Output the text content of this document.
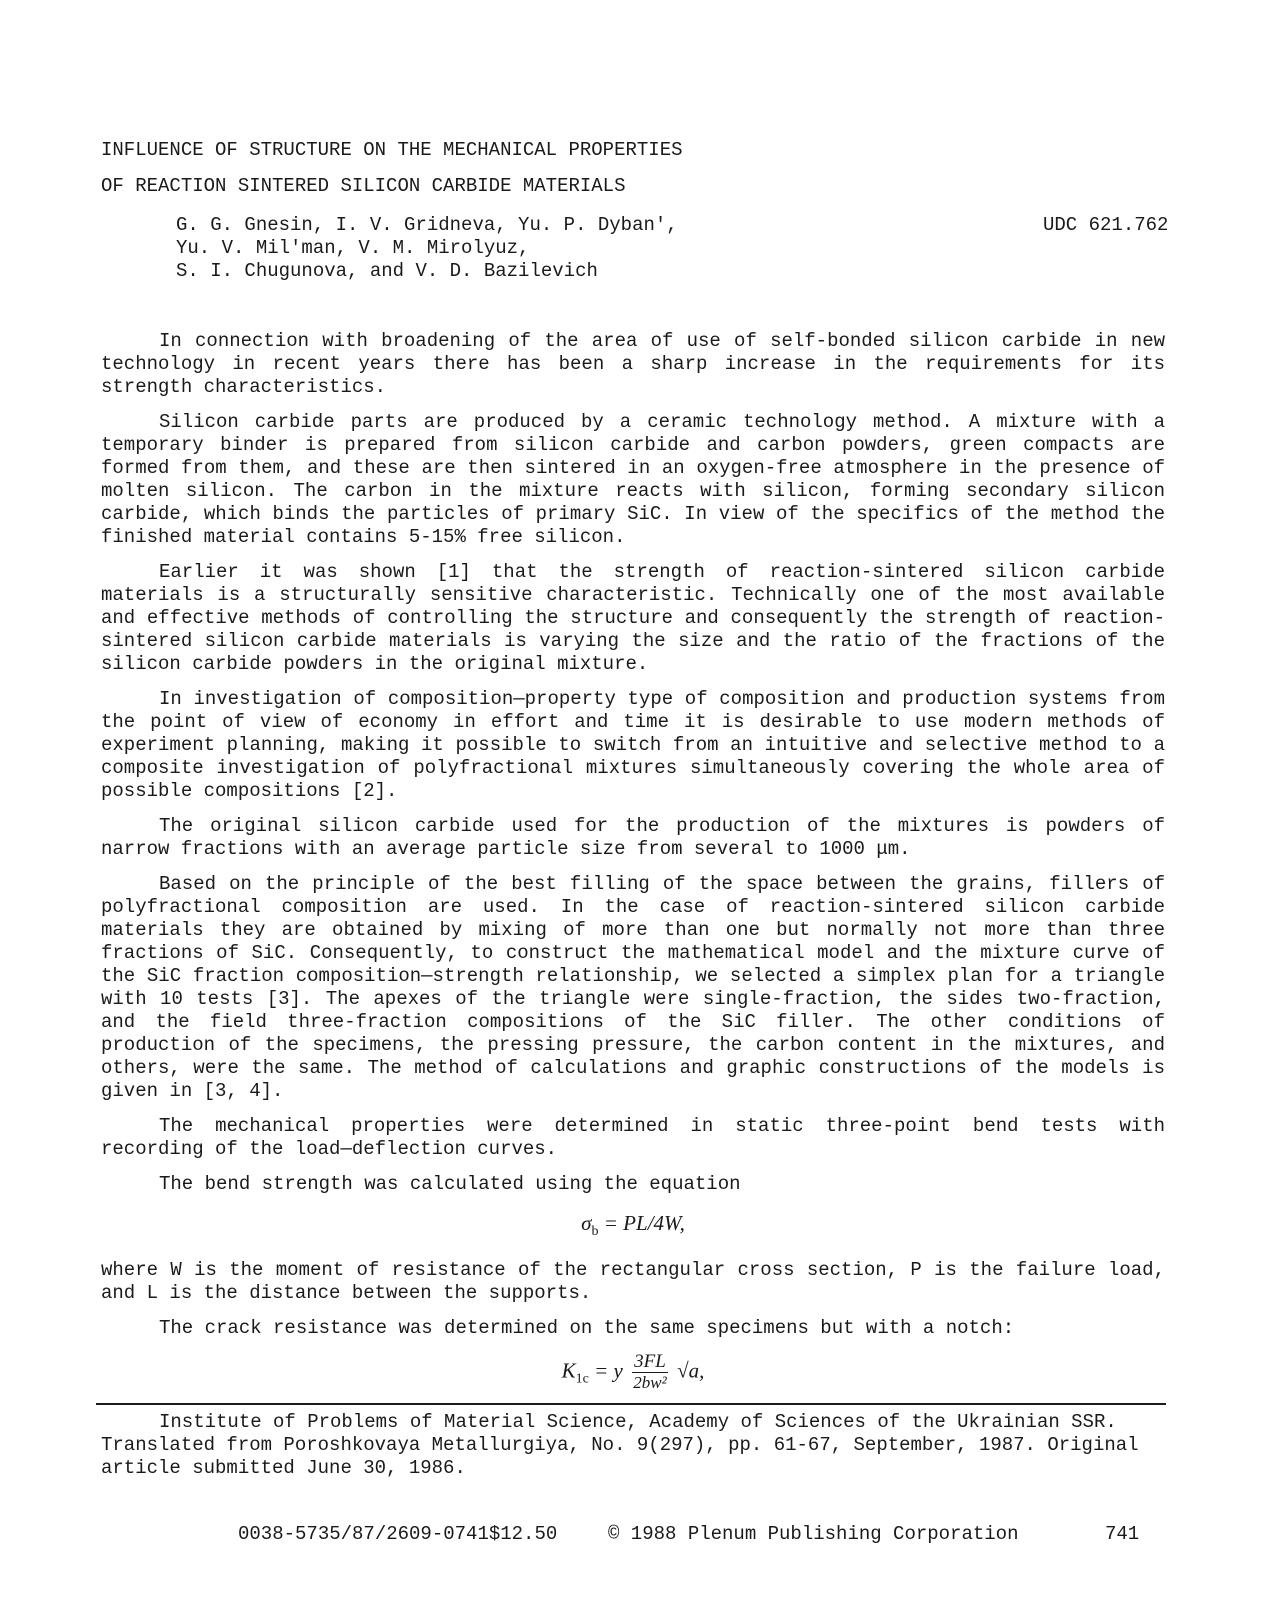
INFLUENCE OF STRUCTURE ON THE MECHANICAL PROPERTIES
OF REACTION SINTERED SILICON CARBIDE MATERIALS
G. G. Gnesin, I. V. Gridneva, Yu. P. Dyban',
Yu. V. Mil'man, V. M. Mirolyuz,
S. I. Chugunova, and V. D. Bazilevich
UDC 621.762

In connection with broadening of the area of use of self-bonded silicon carbide in new technology in recent years there has been a sharp increase in the requirements for its strength characteristics.

Silicon carbide parts are produced by a ceramic technology method. A mixture with a temporary binder is prepared from silicon carbide and carbon powders, green compacts are formed from them, and these are then sintered in an oxygen-free atmosphere in the presence of molten silicon. The carbon in the mixture reacts with silicon, forming secondary silicon carbide, which binds the particles of primary SiC. In view of the specifics of the method the finished material contains 5-15% free silicon.

Earlier it was shown [1] that the strength of reaction-sintered silicon carbide materials is a structurally sensitive characteristic. Technically one of the most available and effective methods of controlling the structure and consequently the strength of reaction-sintered silicon carbide materials is varying the size and the ratio of the fractions of the silicon carbide powders in the original mixture.

In investigation of composition—property type of composition and production systems from the point of view of economy in effort and time it is desirable to use modern methods of experiment planning, making it possible to switch from an intuitive and selective method to a composite investigation of polyfractional mixtures simultaneously covering the whole area of possible compositions [2].

The original silicon carbide used for the production of the mixtures is powders of narrow fractions with an average particle size from several to 1000 μm.

Based on the principle of the best filling of the space between the grains, fillers of polyfractional composition are used. In the case of reaction-sintered silicon carbide materials they are obtained by mixing of more than one but normally not more than three fractions of SiC. Consequently, to construct the mathematical model and the mixture curve of the SiC fraction composition—strength relationship, we selected a simplex plan for a triangle with 10 tests [3]. The apexes of the triangle were single-fraction, the sides two-fraction, and the field three-fraction compositions of the SiC filler. The other conditions of production of the specimens, the pressing pressure, the carbon content in the mixtures, and others, were the same. The method of calculations and graphic constructions of the models is given in [3, 4].

The mechanical properties were determined in static three-point bend tests with recording of the load—deflection curves.

The bend strength was calculated using the equation

$\sigma_b = PL/4W$,

where W is the moment of resistance of the rectangular cross section, P is the failure load, and L is the distance between the supports.

The crack resistance was determined on the same specimens but with a notch:

$K_{1c} = y \frac{3FL}{\text{2bw²}} √a$,

Institute of Problems of Material Science, Academy of Sciences of the Ukrainian SSR.

Translated from Poroshkovaya Metallurgiya, No. 9(297), pp. 61-67, September, 1987. Original

article submitted June 30, 1986.

0038-5735/87/2609-0741$12.50	© 1988 Plenum Publishing Corporation	741
